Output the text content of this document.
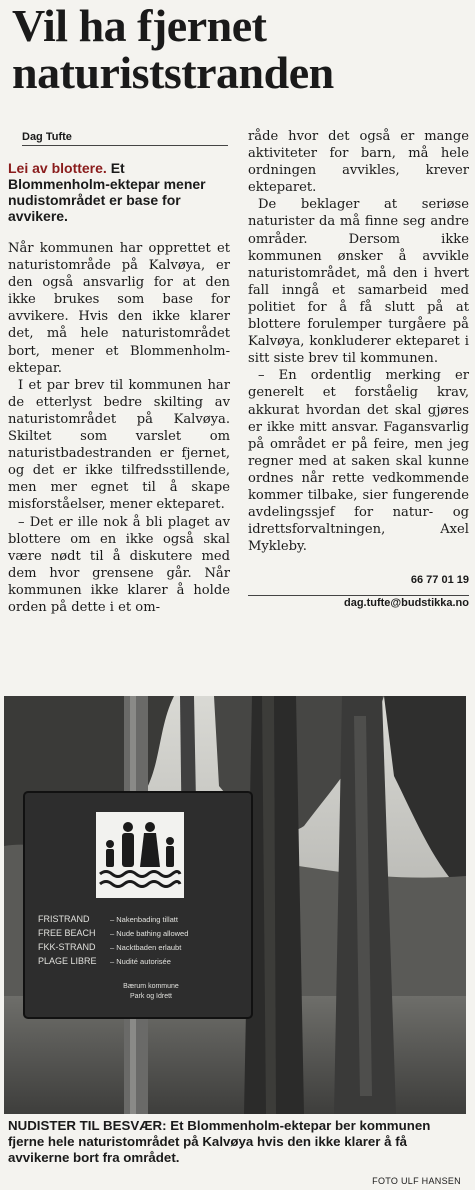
Vil ha fjernet
naturiststranden
Dag Tufte

Lei av blottere. Et Blommenholm-ektepar mener nudistområdet er base for avvikere.

Når kommunen har opprettet et naturistområde på Kalvøya, er den også ansvarlig for at den ikke brukes som base for avvikere. Hvis den ikke klarer det, må hele naturistområdet bort, mener et Blommenholm-ektepar.

I et par brev til kommunen har de etterlyst bedre skilting av naturistområdet på Kalvøya. Skiltet som varslet om naturistbadestranden er fjernet, og det er ikke tilfredsstillende, men mer egnet til å skape misforståelser, mener ekteparet.

– Det er ille nok å bli plaget av blottere om en ikke også skal være nødt til å diskutere med dem hvor grensene går. Når kommunen ikke klarer å holde orden på dette i et om-

råde hvor det også er mange aktiviteter for barn, må hele ordningen avvikles, krever ekteparet.

De beklager at seriøse naturister da må finne seg andre områder. Dersom ikke kommunen ønsker å avvikle naturistområdet, må den i hvert fall inngå et samarbeid med politiet for å få slutt på at blottere forulemper turgåere på Kalvøya, konkluderer ekteparet i sitt siste brev til kommunen.

– En ordentlig merking er generelt et forståelig krav, akkurat hvordan det skal gjøres er ikke mitt ansvar. Fagansvarlig på området er på feire, men jeg regner med at saken skal kunne ordnes når rette vedkommende kommer tilbake, sier fungerende avdelingssjef for natur- og idrettsforvaltningen, Axel Mykleby.

66 77 01 19
dag.tufte@budstikka.no
FRISTRAND	– Nakenbading tillatt
FREE BEACH – Nude bathing allowed
FKK-STRAND – Nacktbaden erlaubt
PLAGE LIBRE – Nudité autorisée
Bærum kommune
Park og Idrett
NUDISTER TIL BESVÆR: Et Blommenholm-ektepar ber kommunen fjerne hele naturistområdet på Kalvøya hvis den ikke klarer å få avvikerne bort fra området.
FOTO ULF HANSEN
